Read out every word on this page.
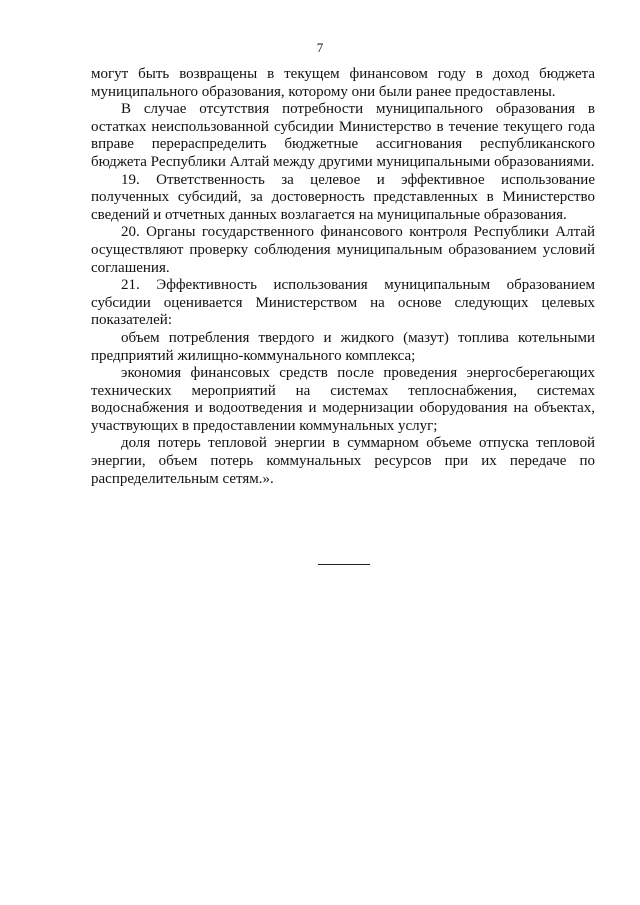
7

могут быть возвращены в текущем финансовом году в доход бюджета муниципального образования, которому они были ранее предоставлены.

В случае отсутствия потребности муниципального образования в остатках неиспользованной субсидии Министерство в течение текущего года вправе перераспределить бюджетные ассигнования республиканского бюджета Республики Алтай между другими муниципальными образованиями.

19. Ответственность за целевое и эффективное использование полученных субсидий, за достоверность представленных в Министерство сведений и отчетных данных возлагается на муниципальные образования.

20. Органы государственного финансового контроля Республики Алтай осуществляют проверку соблюдения муниципальным образованием условий соглашения.

21. Эффективность использования муниципальным образованием субсидии оценивается Министерством на основе следующих целевых показателей:

объем потребления твердого и жидкого (мазут) топлива котельными предприятий жилищно-коммунального комплекса;

экономия финансовых средств после проведения энергосберегающих технических мероприятий на системах теплоснабжения, системах водоснабжения и водоотведения и модернизации оборудования на объектах, участвующих в предоставлении коммунальных услуг;

доля потерь тепловой энергии в суммарном объеме отпуска тепловой энергии, объем потерь коммунальных ресурсов при их передаче по распределительным сетям.».
